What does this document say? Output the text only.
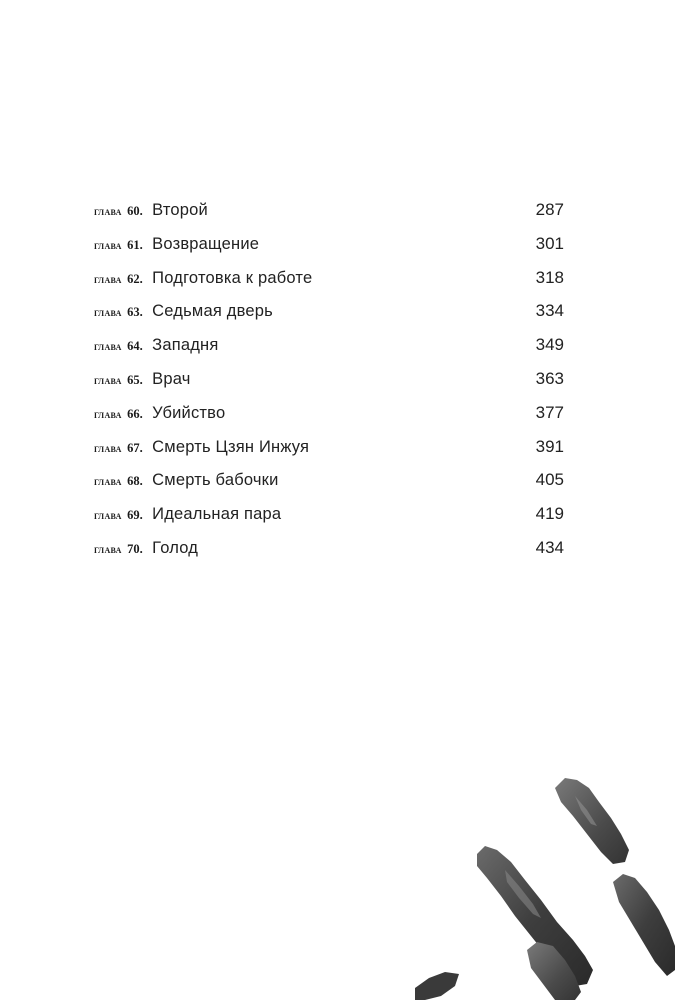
глава 60. Второй	287
глава 61. Возвращение	301
глава 62. Подготовка к работе	318
глава 63. Седьмая дверь	334
глава 64. Западня	349
глава 65. Врач	363
глава 66. Убийство	377
глава 67. Смерть Цзян Инжуя	391
глава 68. Смерть бабочки	405
глава 69. Идеальная пара	419
глава 70. Голод	434
